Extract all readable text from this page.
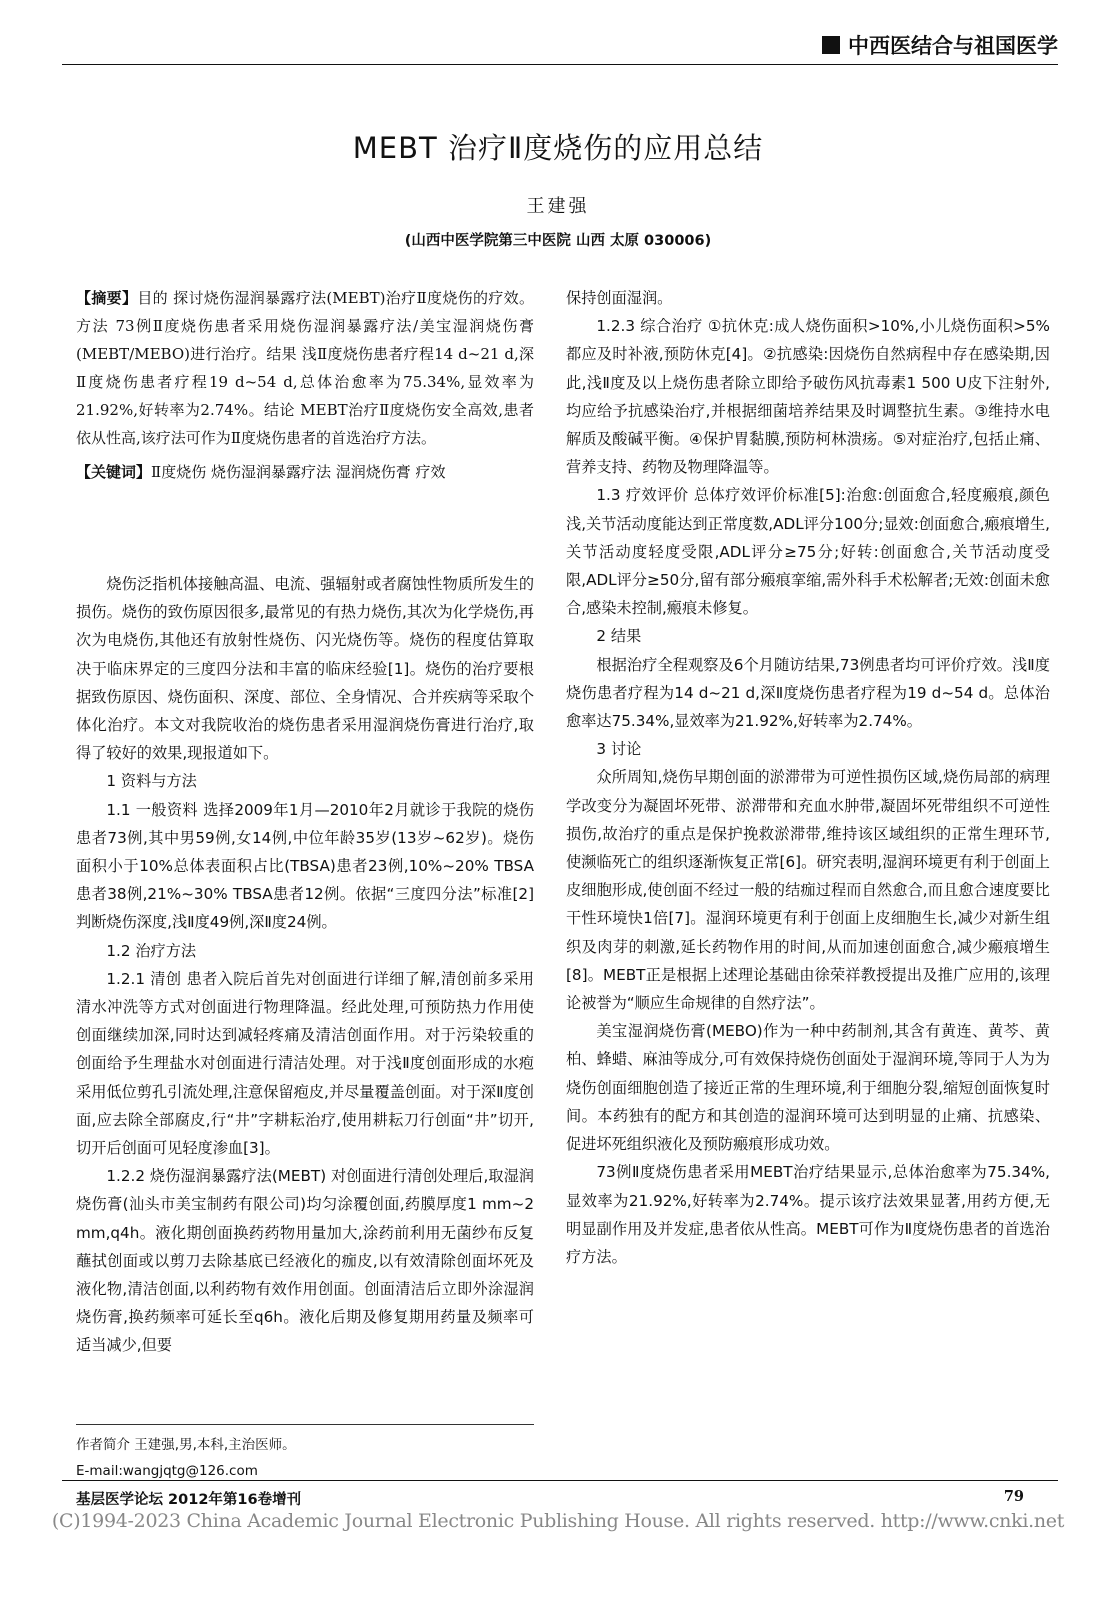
中西医结合与祖国医学
MEBT 治疗Ⅱ度烧伤的应用总结
王建强
(山西中医学院第三中医院 山西 太原 030006)

【摘要】目的 探讨烧伤湿润暴露疗法(MEBT)治疗Ⅱ度烧伤的疗效。方法 73例Ⅱ度烧伤患者采用烧伤湿润暴露疗法/美宝湿润烧伤膏(MEBT/MEBO)进行治疗。结果 浅Ⅱ度烧伤患者疗程14 d~21 d,深Ⅱ度烧伤患者疗程19 d~54 d,总体治愈率为75.34%,显效率为21.92%,好转率为2.74%。结论 MEBT治疗Ⅱ度烧伤安全高效,患者依从性高,该疗法可作为Ⅱ度烧伤患者的首选治疗方法。

【关键词】Ⅱ度烧伤 烧伤湿润暴露疗法 湿润烧伤膏 疗效

烧伤泛指机体接触高温、电流、强辐射或者腐蚀性物质所发生的损伤。烧伤的致伤原因很多,最常见的有热力烧伤,其次为化学烧伤,再次为电烧伤,其他还有放射性烧伤、闪光烧伤等。烧伤的程度估算取决于临床界定的三度四分法和丰富的临床经验[1]。烧伤的治疗要根据致伤原因、烧伤面积、深度、部位、全身情况、合并疾病等采取个体化治疗。本文对我院收治的烧伤患者采用湿润烧伤膏进行治疗,取得了较好的效果,现报道如下。

1 资料与方法

1.1 一般资料 选择2009年1月—2010年2月就诊于我院的烧伤患者73例,其中男59例,女14例,中位年龄35岁(13岁~62岁)。烧伤面积小于10%总体表面积占比(TBSA)患者23例,10%~20% TBSA患者38例,21%~30% TBSA患者12例。依据“三度四分法”标准[2]判断烧伤深度,浅Ⅱ度49例,深Ⅱ度24例。

1.2 治疗方法

1.2.1 清创 患者入院后首先对创面进行详细了解,清创前多采用清水冲洗等方式对创面进行物理降温。经此处理,可预防热力作用使创面继续加深,同时达到减轻疼痛及清洁创面作用。对于污染较重的创面给予生理盐水对创面进行清洁处理。对于浅Ⅱ度创面形成的水疱采用低位剪孔引流处理,注意保留疱皮,并尽量覆盖创面。对于深Ⅱ度创面,应去除全部腐皮,行“井”字耕耘治疗,使用耕耘刀行创面“井”切开,切开后创面可见轻度渗血[3]。

1.2.2 烧伤湿润暴露疗法(MEBT) 对创面进行清创处理后,取湿润烧伤膏(汕头市美宝制药有限公司)均匀涂覆创面,药膜厚度1 mm~2 mm,q4h。液化期创面换药药物用量加大,涂药前利用无菌纱布反复蘸拭创面或以剪刀去除基底已经液化的痂皮,以有效清除创面坏死及液化物,清洁创面,以利药物有效作用创面。创面清洁后立即外涂湿润烧伤膏,换药频率可延长至q6h。液化后期及修复期用药量及频率可适当减少,但要

保持创面湿润。

1.2.3 综合治疗 ①抗休克:成人烧伤面积>10%,小儿烧伤面积>5%都应及时补液,预防休克[4]。②抗感染:因烧伤自然病程中存在感染期,因此,浅Ⅱ度及以上烧伤患者除立即给予破伤风抗毒素1 500 U皮下注射外,均应给予抗感染治疗,并根据细菌培养结果及时调整抗生素。③维持水电解质及酸碱平衡。④保护胃黏膜,预防柯林溃疡。⑤对症治疗,包括止痛、营养支持、药物及物理降温等。

1.3 疗效评价 总体疗效评价标准[5]:治愈:创面愈合,轻度瘢痕,颜色浅,关节活动度能达到正常度数,ADL评分100分;显效:创面愈合,瘢痕增生,关节活动度轻度受限,ADL评分≥75分;好转:创面愈合,关节活动度受限,ADL评分≥50分,留有部分瘢痕挛缩,需外科手术松解者;无效:创面未愈合,感染未控制,瘢痕未修复。

2 结果

根据治疗全程观察及6个月随访结果,73例患者均可评价疗效。浅Ⅱ度烧伤患者疗程为14 d~21 d,深Ⅱ度烧伤患者疗程为19 d~54 d。总体治愈率达75.34%,显效率为21.92%,好转率为2.74%。

3 讨论

众所周知,烧伤早期创面的淤滞带为可逆性损伤区域,烧伤局部的病理学改变分为凝固坏死带、淤滞带和充血水肿带,凝固坏死带组织不可逆性损伤,故治疗的重点是保护挽救淤滞带,维持该区域组织的正常生理环节,使濒临死亡的组织逐渐恢复正常[6]。研究表明,湿润环境更有利于创面上皮细胞形成,使创面不经过一般的结痂过程而自然愈合,而且愈合速度要比干性环境快1倍[7]。湿润环境更有利于创面上皮细胞生长,减少对新生组织及肉芽的刺激,延长药物作用的时间,从而加速创面愈合,减少瘢痕增生[8]。MEBT正是根据上述理论基础由徐荣祥教授提出及推广应用的,该理论被誉为“顺应生命规律的自然疗法”。

美宝湿润烧伤膏(MEBO)作为一种中药制剂,其含有黄连、黄芩、黄柏、蜂蜡、麻油等成分,可有效保持烧伤创面处于湿润环境,等同于人为为烧伤创面细胞创造了接近正常的生理环境,利于细胞分裂,缩短创面恢复时间。本药独有的配方和其创造的湿润环境可达到明显的止痛、抗感染、促进坏死组织液化及预防瘢痕形成功效。

73例Ⅱ度烧伤患者采用MEBT治疗结果显示,总体治愈率为75.34%,显效率为21.92%,好转率为2.74%。提示该疗法效果显著,用药方便,无明显副作用及并发症,患者依从性高。MEBT可作为Ⅱ度烧伤患者的首选治疗方法。

作者简介 王建强,男,本科,主治医师。

E-mail:wangjqtg@126.com

基层医学论坛 2012年第16卷增刊	79
(C)1994-2023 China Academic Journal Electronic Publishing House. All rights reserved. http://www.cnki.net
